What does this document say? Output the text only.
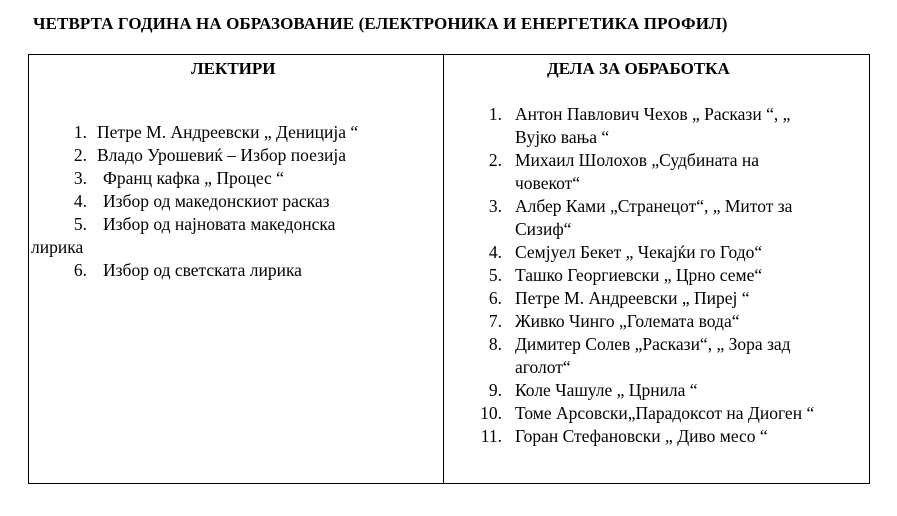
ЧЕТВРТА ГОДИНА НА ОБРАЗОВАНИЕ (ЕЛЕКТРОНИКА И ЕНЕРГЕТИКА ПРОФИЛ)
ЛЕКТИРИ	ДЕЛА ЗА ОБРАБОТКА
1. Петре М. Андреевски „ Деницијa “
2. Владо Урошевиќ – Избор поезија
3. Франц кафка „ Процес “
4. Избор од македонскиот расказ
5. Избор од најновата македонска
лирика
6. Избор од светската лирика
1. Антон Павлович Чехов „ Раскази “, „
Вујко вања “
2. Михаил Шолохов „Судбината на
човекот“
3. Албер Ками „Странецот“, „ Митот за
Сизиф“
4. Семјуел Бекет „ Чекајќи го Годо“
5. Ташко Георгиевски „ Црно семе“
6. Петре М. Андреевски „ Пиреј “
7. Живко Чинго „Големата вода“
8. Димитер Солев „Раскази“, „ Зора зад
аголот“
9. Коле Чашуле „ Црнила “
10. Томе Арсовски„Парадоксот на Диоген “
11. Горан Стефановски „ Диво месо “
